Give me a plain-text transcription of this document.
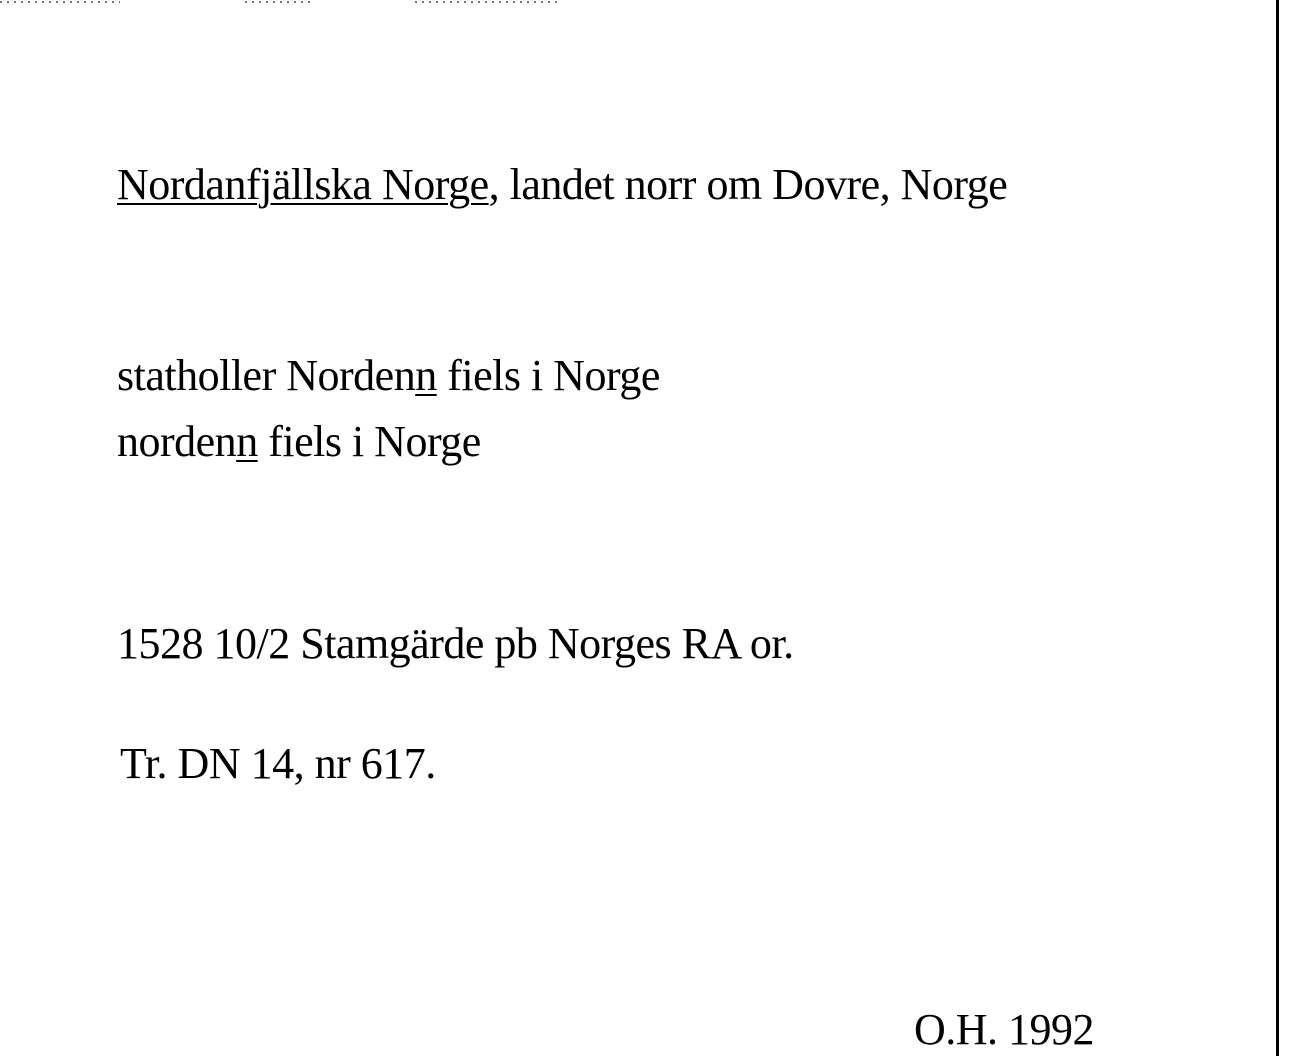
Nordanfjällska Norge, landet norr om Dovre, Norge
statholler Nordenn fiels i Norge
nordenn fiels i Norge
1528 10/2 Stamgärde pb Norges RA or.
Tr. DN 14, nr 617.
O.H. 1992
